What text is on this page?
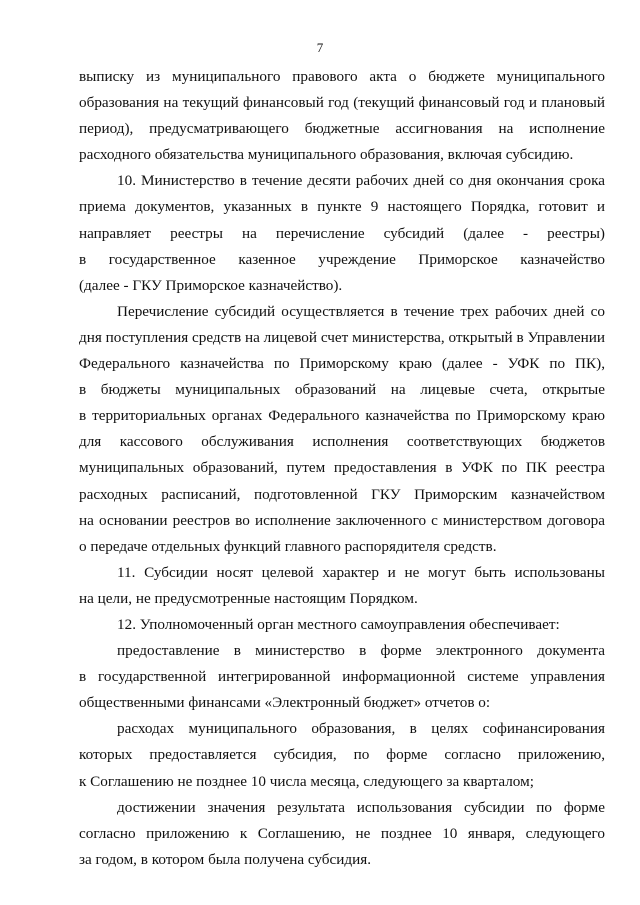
7

выписку из муниципального правового акта о бюджете муниципального
образования на текущий финансовый год (текущий финансовый год и плановый
период), предусматривающего бюджетные ассигнования на исполнение
расходного обязательства муниципального образования, включая субсидию.

10. Министерство в течение десяти рабочих дней со дня окончания срока
приема документов, указанных в пункте 9 настоящего Порядка, готовит и
направляет реестры на перечисление субсидий (далее - реестры)
в государственное казенное учреждение Приморское казначейство
(далее - ГКУ Приморское казначейство).

Перечисление субсидий осуществляется в течение трех рабочих дней со
дня поступления средств на лицевой счет министерства, открытый в Управлении
Федерального казначейства по Приморскому краю (далее - УФК по ПК),
в бюджеты муниципальных образований на лицевые счета, открытые
в территориальных органах Федерального казначейства по Приморскому краю
для кассового обслуживания исполнения соответствующих бюджетов
муниципальных образований, путем предоставления в УФК по ПК реестра
расходных расписаний, подготовленной ГКУ Приморским казначейством
на основании реестров во исполнение заключенного с министерством договора
о передаче отдельных функций главного распорядителя средств.

11. Субсидии носят целевой характер и не могут быть использованы
на цели, не предусмотренные настоящим Порядком.

12. Уполномоченный орган местного самоуправления обеспечивает:

предоставление в министерство в форме электронного документа
в государственной интегрированной информационной системе управления
общественными финансами «Электронный бюджет» отчетов о:

расходах муниципального образования, в целях софинансирования
которых предоставляется субсидия, по форме согласно приложению,
к Соглашению не позднее 10 числа месяца, следующего за кварталом;

достижении значения результата использования субсидии по форме
согласно приложению к Соглашению, не позднее 10 января, следующего
за годом, в котором была получена субсидия.
